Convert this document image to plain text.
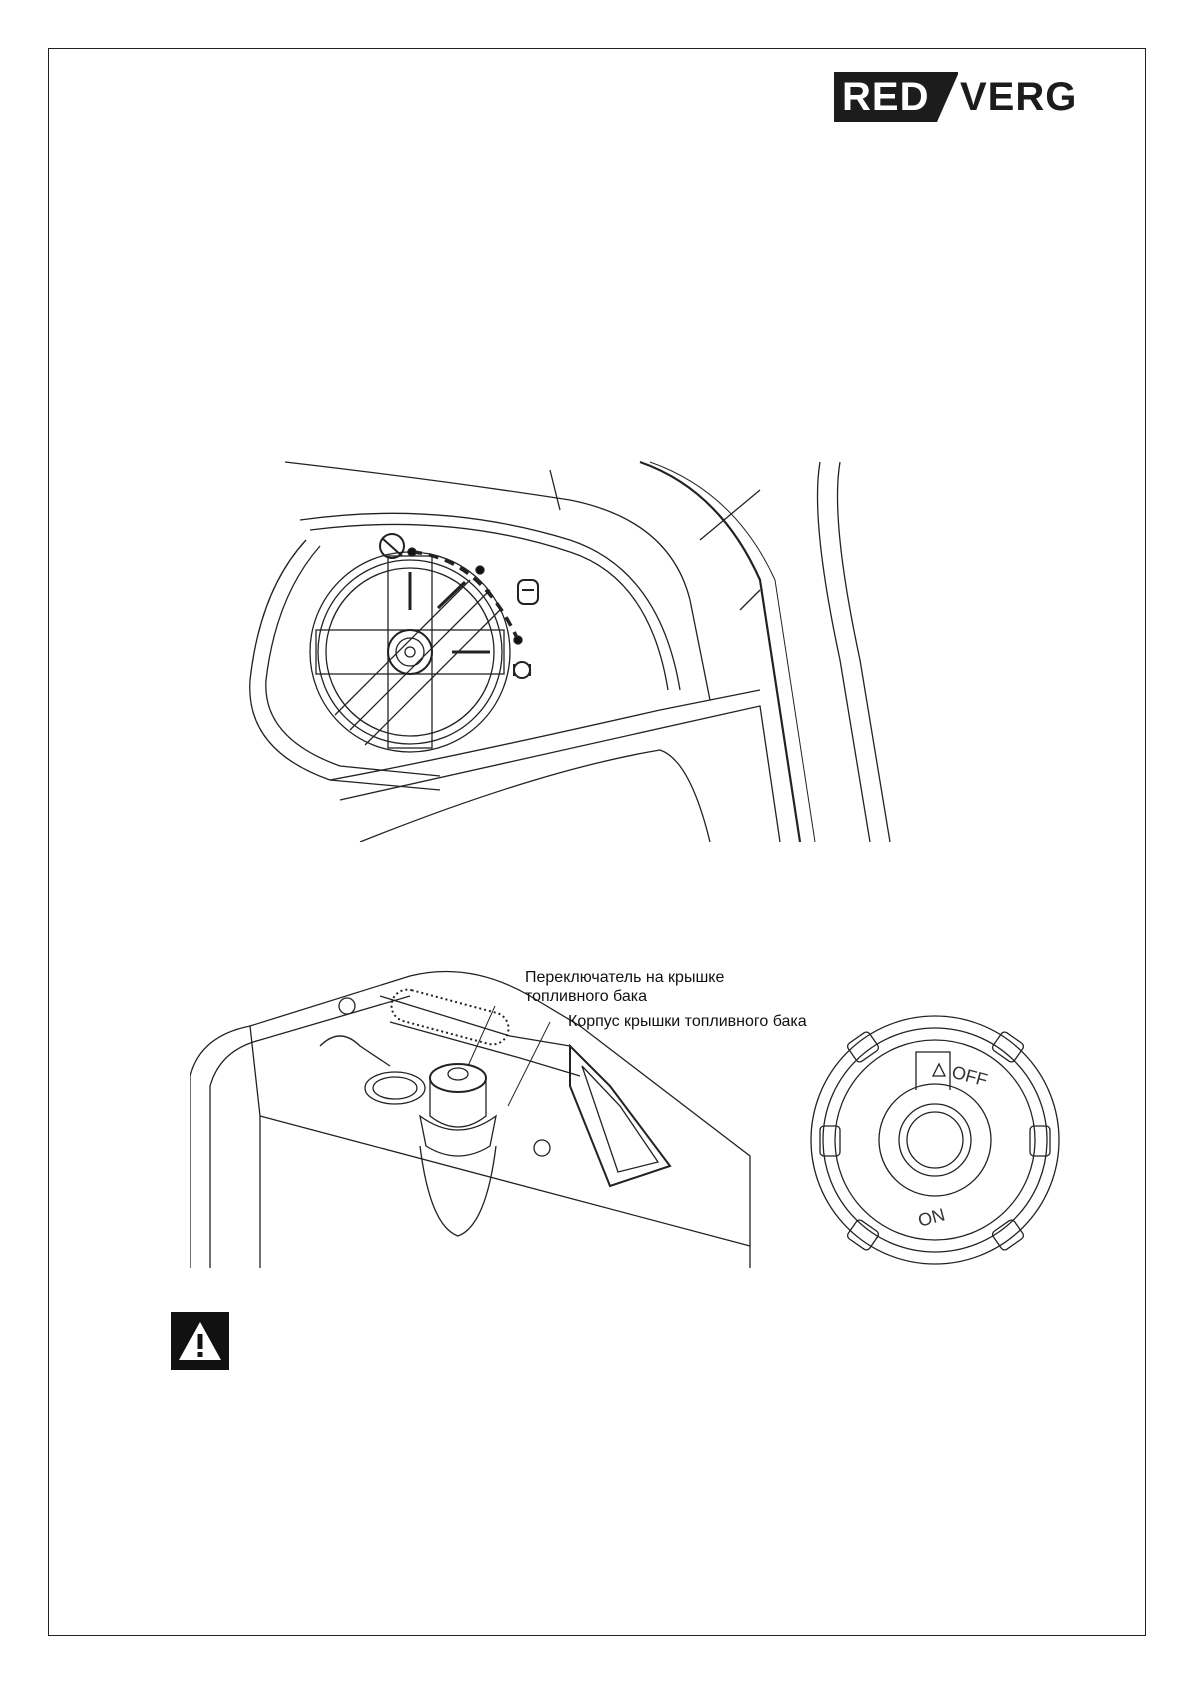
RED VERG
OFF
ON
Переключатель на крышке
топливного бака
Корпус крышки топливного бака
